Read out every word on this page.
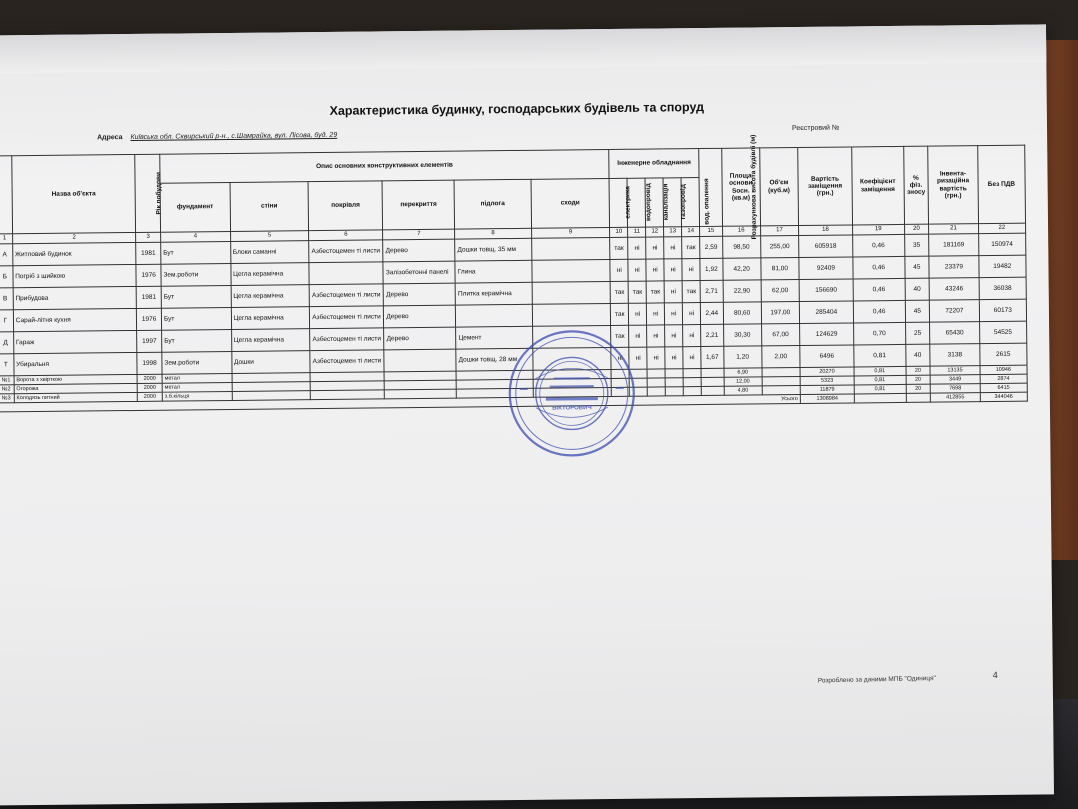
Характеристика будинку, господарських будівель та споруд
Адреса Київська обл. Сквирський р-н., с.Шамрайка, вул. Лісова, буд. 29
Реєстровий №
	Назва об'єкта	Рік побудови	Опис основних конструктивних елементів						Інженерне обладнання					Розрахункова висота будівлі (м)	Площа основи Sосн. (кв.м)	Об'єм (куб.м)	Вартість заміщення (грн.)	Коефіцієнт заміщення	% фіз. зносу	Інвента-ризаційна вартість (грн.)	Без ПДВ
			фундамент	стіни	покрівля	перекриття	підлога	сходи	електрика	водопровід	каналізація	газопровід	вод. опалення								
1	2	3	4	5	6	7	8	9	10	11	12	13	14	15	16	17	18	19	20	21	22
А	Житловий будинок	1981	Бут	Блоки саманні	Азбестоцемен ті листи	Дерево	Дошки товщ. 35 мм		так	ні	ні	ні	так	2,59	98,50	255,00	605918	0,46	35	181169	150974
Б	Погріб з шийкою	1976	Зем.роботи	Цегла керамічна		Залізобетонні панелі	Глина		ні	ні	ні	ні	ні	1,92	42,20	81,00	92409	0,46	45	23379	19482
В	Прибудова	1981	Бут	Цегла керамічна	Азбестоцемен ті листи	Дерево	Плитка керамічна		так	так	так	ні	так	2,71	22,90	62,00	156690	0,46	40	43246	36038
Г	Сарай-літня кухня	1976	Бут	Цегла керамічна	Азбестоцемен ті листи	Дерево			так	ні	ні	ні	ні	2,44	80,60	197,00	285404	0,46	45	72207	60173
Д	Гараж	1997	Бут	Цегла керамічна	Азбестоцемен ті листи	Дерево	Цемент		так	ні	ні	ні	ні	2,21	30,30	67,00	124629	0,70	25	65430	54525
Т	Убиральня	1998	Зем.роботи	Дошки	Азбестоцемен ті листи		Дошки товщ. 28 мм		ні	ні	ні	ні	ні	1,67	1,20	2,00	6496	0,81	40	3138	2615
№1	Ворота з хвірткою	2000	метал												6,90		20270	0,81	20	13135	10946
№2	Огорожа	2000	метал												12,00		5323	0,81	20	3449	2874
№3	Колодязь питний	2000	з.б.кільця												4,80		11879	0,81	20	7698	6415
Усього																	1308984			412855	344046
ВІКТОРОВИЧ
Розроблено за даними МПБ "Одиниця"	4
